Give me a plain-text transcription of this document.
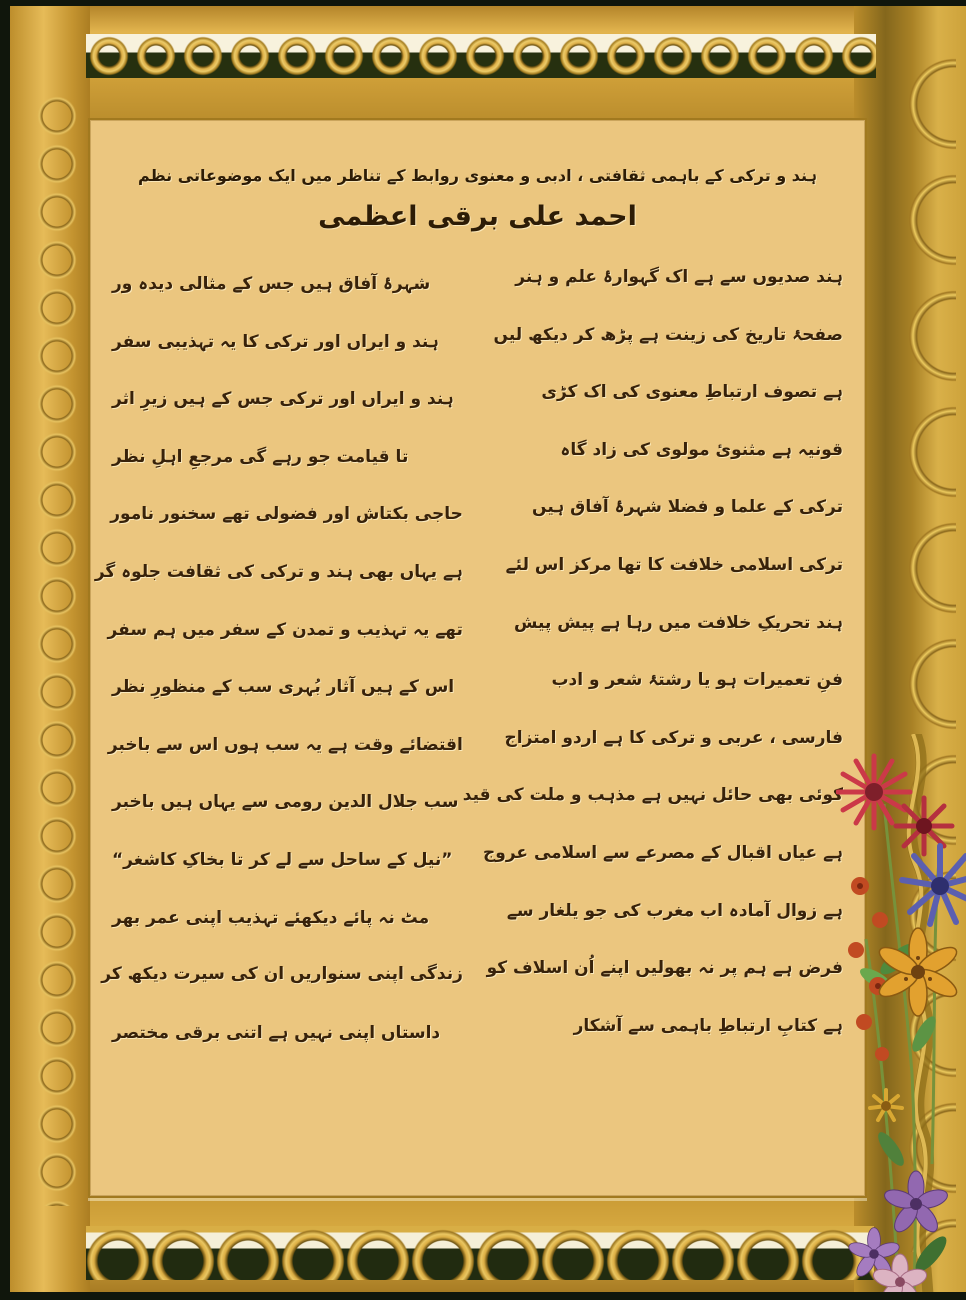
ہند و ترکی کے باہمی ثقافتی ، ادبی و معنوی روابط کے تناظر میں ایک موضوعاتی نظم
احمد علی برقی اعظمی
ہند صدیوں سے ہے اک گہوارۂ علم و ہنر
شہرۂ آفاق ہیں جس کے مثالی دیدہ ور
صفحۂ تاریخ کی زینت ہے پڑھ کر دیکھ لیں
ہند و ایراں اور ترکی کا یہ تہذیبی سفر
ہے تصوف ارتباطِ معنوی کی اک کڑی
ہند و ایراں اور ترکی جس کے ہیں زیرِ اثر
قونیہ ہے مثنویٔ مولوی کی زاد گاہ
تا قیامت جو رہے گی مرجعِ اہلِ نظر
ترکی کے علما و فضلا شہرۂ آفاق ہیں
حاجی بکتاش اور فضولی تھے سخنور نامور
ترکی اسلامی خلافت کا تھا مرکز اس لئے
ہے یہاں بھی ہند و ترکی کی ثقافت جلوہ گر
ہند تحریکِ خلافت میں رہا ہے پیش پیش
تھے یہ تہذیب و تمدن کے سفر میں ہم سفر
فنِ تعمیرات ہو یا رشتۂ شعر و ادب
اس کے ہیں آثار بُہری سب کے منظورِ نظر
فارسی ، عربی و ترکی کا ہے اردو امتزاج
اقتضائے وقت ہے یہ سب ہوں اس سے باخبر
کوئی بھی حائل نہیں ہے مذہب و ملت کی قید
سب جلال الدین رومی سے یہاں ہیں باخبر
ہے عیاں اقبال کے مصرعے سے اسلامی عروج
”نیل کے ساحل سے لے کر تا بخاکِ کاشغر“
ہے زوال آمادہ اب مغرب کی جو یلغار سے
مٹ نہ پائے دیکھئے تہذیب اپنی عمر بھر
فرض ہے ہم پر نہ بھولیں اپنے اُن اسلاف کو
زندگی اپنی سنواریں ان کی سیرت دیکھ کر
ہے کتابِ ارتباطِ باہمی سے آشکار
داستاں اپنی نہیں ہے اتنی برقی مختصر
